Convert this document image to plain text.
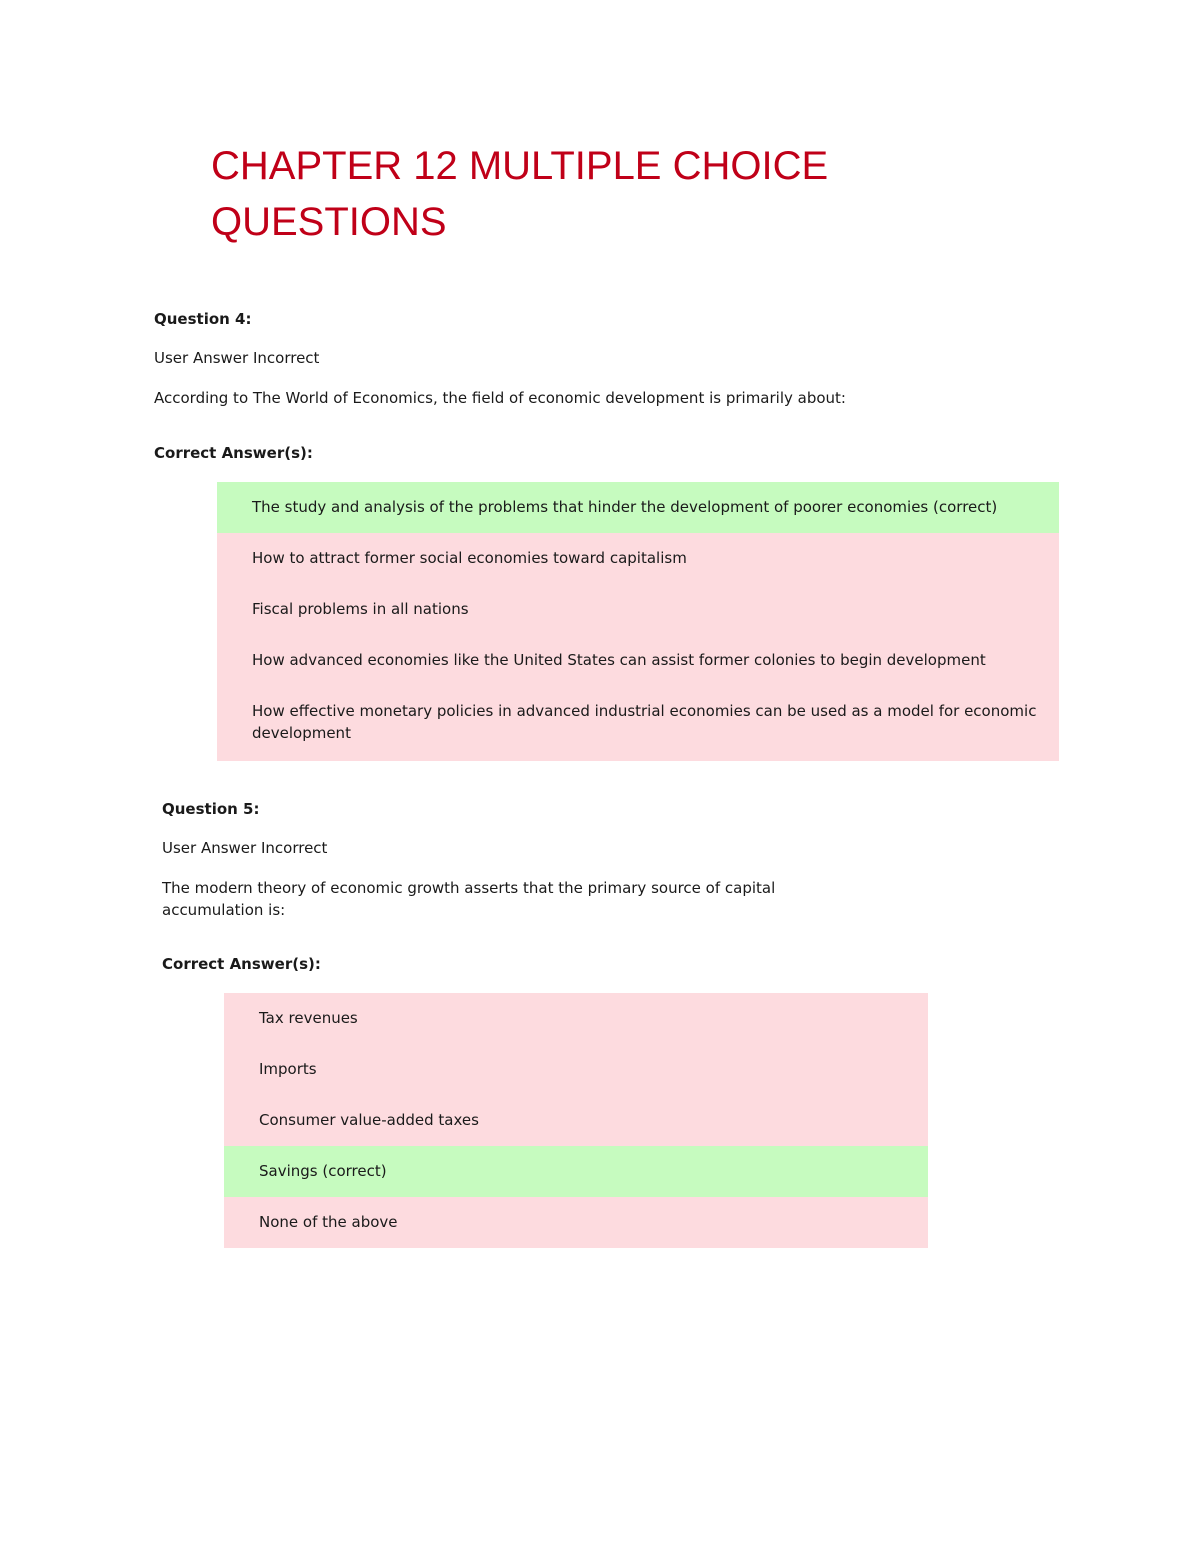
CHAPTER 12 MULTIPLE CHOICE QUESTIONS

Question 4:

User Answer Incorrect

According to The World of Economics, the field of economic development is primarily about:

Correct Answer(s):

The study and analysis of the problems that hinder the development of poorer economies (correct)
How to attract former social economies toward capitalism
Fiscal problems in all nations
How advanced economies like the United States can assist former colonies to begin development
How effective monetary policies in advanced industrial economies can be used as a model for economic development

Question 5:

User Answer Incorrect

The modern theory of economic growth asserts that the primary source of capital accumulation is:

Correct Answer(s):

Tax revenues
Imports
Consumer value-added taxes
Savings (correct)
None of the above
